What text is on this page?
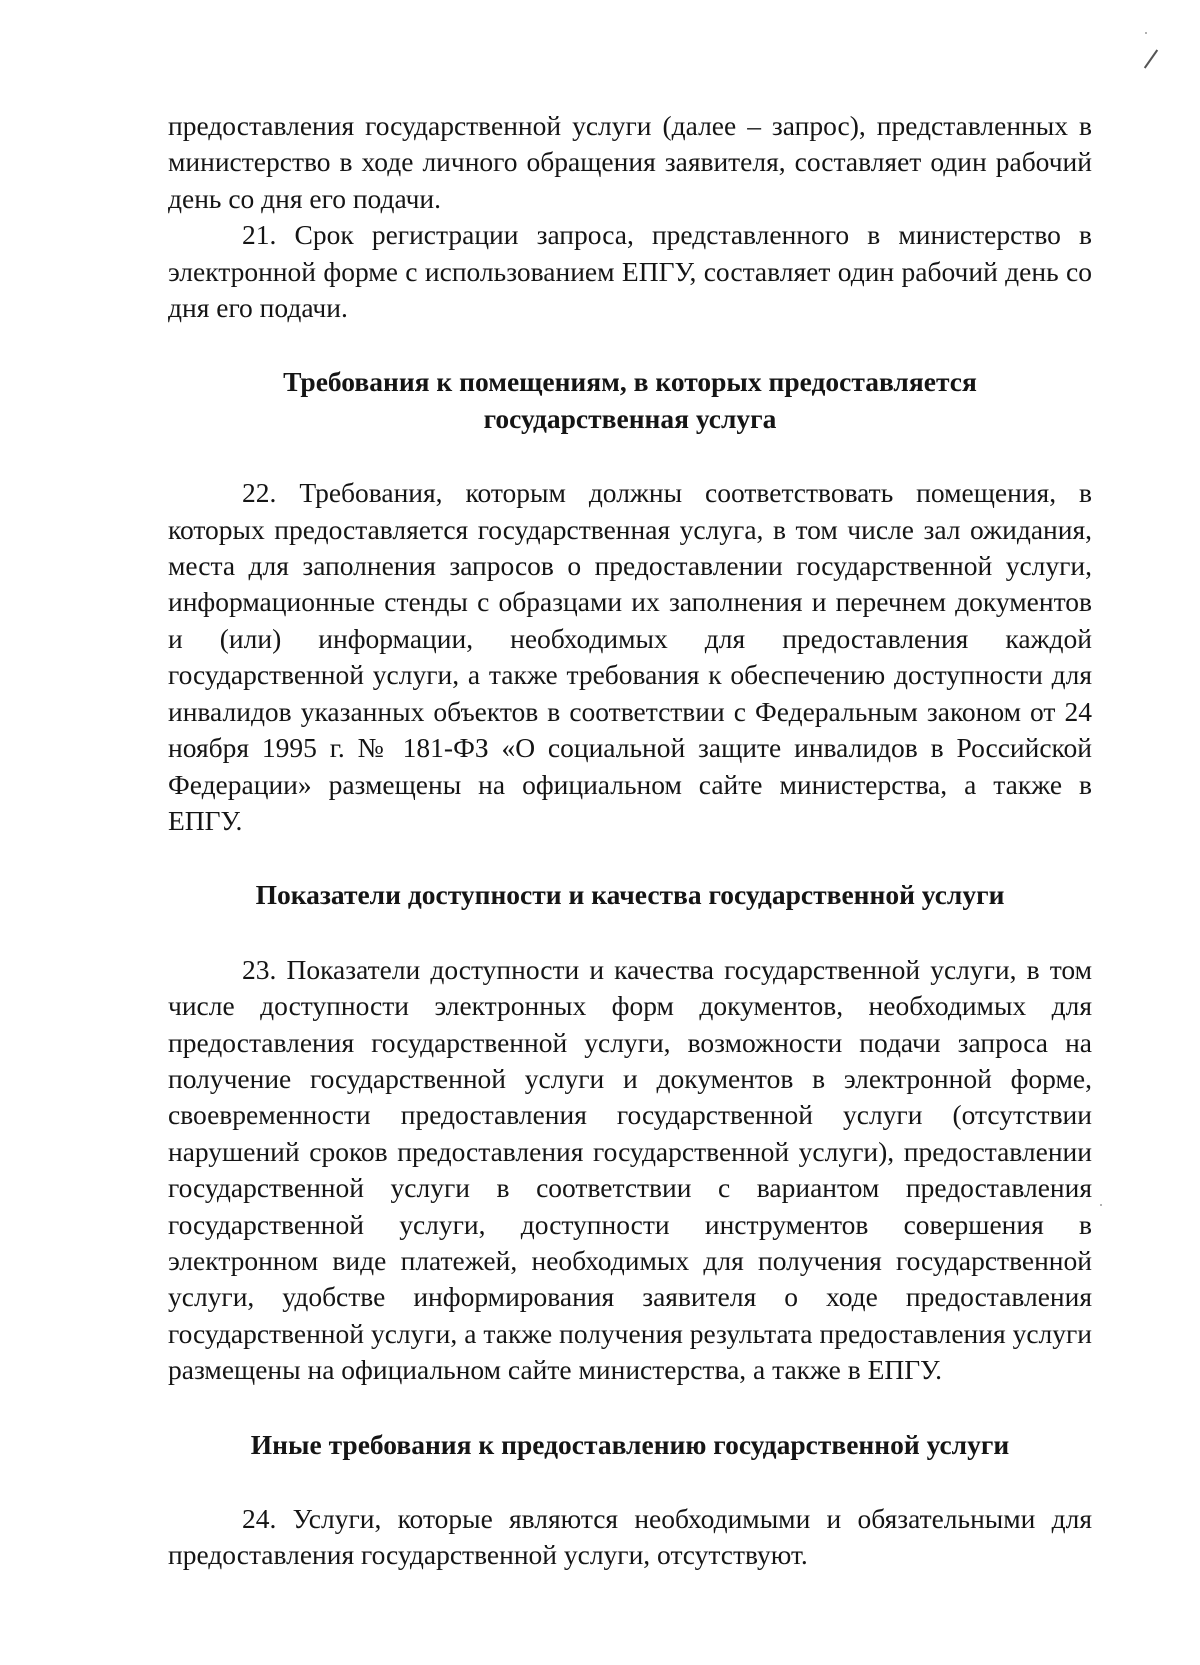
предоставления государственной услуги (далее – запрос), представленных в министерство в ходе личного обращения заявителя, составляет один рабочий день со дня его подачи.

21. Срок регистрации запроса, представленного в министерство в электронной форме с использованием ЕПГУ, составляет один рабочий день со дня его подачи.

Требования к помещениям, в которых предоставляется
государственная услуга

22. Требования, которым должны соответствовать помещения, в которых предоставляется государственная услуга, в том числе зал ожидания, места для заполнения запросов о предоставлении государственной услуги, информационные стенды с образцами их заполнения и перечнем документов и (или) информации, необходимых для предоставления каждой государственной услуги, а также требования к обеспечению доступности для инвалидов указанных объектов в соответствии с Федеральным законом от 24 ноября 1995 г. № 181-ФЗ «О социальной защите инвалидов в Российской Федерации» размещены на официальном сайте министерства, а также в ЕПГУ.

Показатели доступности и качества государственной услуги

23. Показатели доступности и качества государственной услуги, в том числе доступности электронных форм документов, необходимых для предоставления государственной услуги, возможности подачи запроса на получение государственной услуги и документов в электронной форме, своевременности предоставления государственной услуги (отсутствии нарушений сроков предоставления государственной услуги), предоставлении государственной услуги в соответствии с вариантом предоставления государственной услуги, доступности инструментов совершения в электронном виде платежей, необходимых для получения государственной услуги, удобстве информирования заявителя о ходе предоставления государственной услуги, а также получения результата предоставления услуги размещены на официальном сайте министерства, а также в ЕПГУ.

Иные требования к предоставлению государственной услуги

24. Услуги, которые являются необходимыми и обязательными для предоставления государственной услуги, отсутствуют.
